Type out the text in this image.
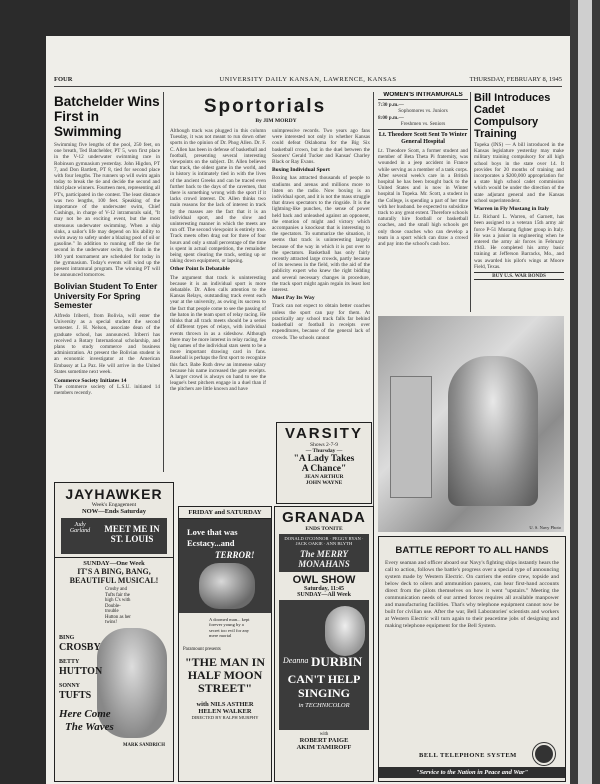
FOUR	UNIVERSITY DAILY KANSAN, LAWRENCE, KANSAS	THURSDAY, FEBRUARY 8, 1945
Batchelder Wins First in Swimming
Swimming five lengths of the pool, 250 feet, on one breath, Ted Batchelder, PT 5, won first place in the V-12 underwater swimming race in Robinson gymnasium yesterday. John Higdon, PT 7, and Don Bartlett, PT 8, tied for second place with four lengths. The runners up will swim again today to break the tie and decide the second and third place winners. Fourteen men, representing all PT's, participated in the contest. The least distance was two lengths, 100 feet. Speaking of the importance of the underwater swim, Chief Cushings, in charge of V-12 intramurals said, "It may not be an exciting event, but the most strenuous underwater swimming. When a ship sinks, a sailor's life may depend on his ability to swim away to safety under a blazing pool of oil or gasoline." In addition to running off the tie for second in the underwater swim, the finals in the 100 yard tournament are scheduled for today in the gymnasium. Today's events will wind up the present intramural program. The winning PT will be announced tomorrow.
Bolivian Student To Enter University For Spring Semester
Alfredo Iriberri, from Bolivia, will enter the University as a special student the second semester. J. H. Nelson, associate dean of the graduate school, has announced. Iriberri has received a Rotary International scholarship, and plans to study commerce and business administration. At present the Bolivian student is an economic investigator at the American Embassy at La Paz. He will arrive in the United States sometime next week.
Commerce Society Initiates 14
The commerce society of L.S.U. initiated 14 members recently.
Sportorials
By JIM MORDY
Although track was plugged in this column Tuesday, it was not meant to run down other sports in the opinion of Dr. Phog Allen. Dr. F. C. Allen has been in defense of basketball and football, presenting several interesting viewpoints on the subject. Dr. Allen believes that track, the oldest game in the world, and in history is intimately tied in with the lives of the ancient Greeks and can be traced even further back to the days of the cavemen, that there is something wrong with the sport if it lacks crowd interest. Dr. Allen thinks two main reasons for the lack of interest in track by the masses are the fact that it is an individual sport, and the slow and uninteresting manner in which the meets are run off. The second viewpoint is entirely true. Track meets often drag out for three of four hours and only a small percentage of the time is spent in actual competition, the remainder being spent clearing the track, setting up or taking down equipment, or lapsing.
Other Point Is Debatable
The argument that track is uninteresting because it is an individual sport is more debatable. Dr. Allen calls attention to the Kansas Relays, outstanding track event each year at the university, as owing its success to the fact that people come to see the passing of the baton in the team sport of relay racing. He thinks that all track meets should be a series of different types of relays, with individual events thrown in as a sideshow. Although there may be more interest in relay racing, the big names of the individual stars seem to be a more important drawing card in fans. Baseball is perhaps the first sport to recognize this fact. Babe Ruth drew an immense salary because his name increased the gate receipts. A larger crowd is always on hand to see the league's best pitchers engage in a duel than if the pitchers are little known and have
unimpressive records. Two years ago fans were interested not only in whether Kansas could defeat Oklahoma for the Big Six basketball crown, but in the duel between the Sooners' Gerald Tucker and Kansas' Charley Black or Ray Evans.
Boxing Individual Sport
Boxing has attracted thousands of people to stadiums and arenas and millions more to listen on the radio. Now boxing is an individual sport, and it is not the mass struggle that draws spectators to the ringside. It is the lightning-like punches, the sense of power held back and unleashed against an opponent, the emotion of might and victory which accompanies a knockout that is interesting to the spectators. To summarize the situation, it seems that track is uninteresting largely because of the way in which it is put over to the spectators. Basketball has only fairly recently attracted large crowds, partly because of its newness in the field, with the aid of the publicity expert who knew the right bidding and several necessary changes in procedure, the track sport might again regain its least lost interest.
Must Pay Its Way
Track can not expect to obtain better coaches unless the sport can pay for them. At practically any school track falls far behind basketball or football in receipts over expenditures, because of the general lack of crowds. The schools cannot
VARSITY
Shows 2-7-9
— Thursday —
"A Lady Takes
A Chance"
JEAN ARTHUR
JOHN WAYNE
WOMEN'S INTRAMURALS
7:30 p.m.—
Sophomores vs. Juniors
8:00 p.m.—
Freshmen vs. Seniors
Lt. Theodore Scott Sent To Winter General Hospital
Lt. Theodore Scott, a former student and member of Beta Theta Pi fraternity, was wounded in a jeep accident in France while serving as a member of a tank corps. After several week's care in a British hospital he has been brought back to the United States and is now in Winter hospital in Topeka. Mr. Scott, a student in the College, is spending a part of her time with her husband. be expected to subsidize track to any great extent. Therefore schools naturally hire football or basketball coaches, and the small high schools get only those coaches who can develop a team in a sport which can draw a crowd and pay into the school's cash box.
Bill Introduces Cadet Compulsory Training
Topeka (INS) — A bill introduced in the Kansas legislature yesterday may make military training compulsory for all high school boys in the state over 14. It provides for 20 months of training and incorporates a $200,000 appropriation for a state high school cadet commission which would be under the direction of the state adjutant general and the Kansas school superintendent.
Warren in Fly Mustang in Italy
Lt. Richard L. Warren, of Garnett, has been assigned to a veteran 15th army air force P-51 Mustang fighter group in Italy. He was a junior in engineering when he entered the army air forces in February 1943. He completed his army basic training at Jefferson Barracks, Mo., and was awarded his pilot's wings at Moore Field, Texas.
BUY U.S. WAR BONDS
U. S. Navy Photo
JAYHAWKER
Week's Engagement
NOW—Ends Saturday
Judy Garland	MEET ME IN ST. LOUIS
SUNDAY—One Week
IT'S A BING, BANG,
BEAUTIFUL MUSICAL!
Crosby and Tufts fair the high C's with Double-trouble Hutton as her twins!
BING
CROSBY
BETTY
HUTTON
SONNY
TUFTS
Here Come
The Waves
MARK SANDRICH
FRIDAY and SATURDAY
Love that was
Ecstacy...and
TERROR!
A doomed man... kept forever young by a secret too evil for any mere mortal
Paramount presents
"THE MAN IN
HALF MOON
STREET"
with NILS ASTHER
HELEN WALKER
DIRECTED BY RALPH MURPHY
GRANADA
ENDS TONITE
DONALD O'CONNOR · PEGGY RYAN · JACK OAKIE · ANN BLYTH
The MERRY MONAHANS
OWL SHOW
Saturday, 11:45
SUNDAY—All Week
Deanna DURBIN
CAN'T HELP
SINGING
in TECHNICOLOR
with
ROBERT PAIGE
AKIM TAMIROFF
BATTLE REPORT TO ALL HANDS
Every seaman and officer aboard our Navy's fighting ships instantly hears the call to action, follows the battle's progress over a special type of announcing system made by Western Electric. On carriers the entire crew, topside and below deck to oilers and ammunition passers, can hear first-hand accounts direct from the pilots themselves on how it went "upstairs." Meeting the communication needs of our armed forces requires all available manpower and manufacturing facilities. That's why telephone equipment cannot now be built for civilian use. After the war, Bell Laboratories' scientists and workers at Western Electric will turn again to their peacetime jobs of designing and making telephone equipment for the Bell System.
BELL TELEPHONE SYSTEM
"Service to the Nation in Peace and War"
